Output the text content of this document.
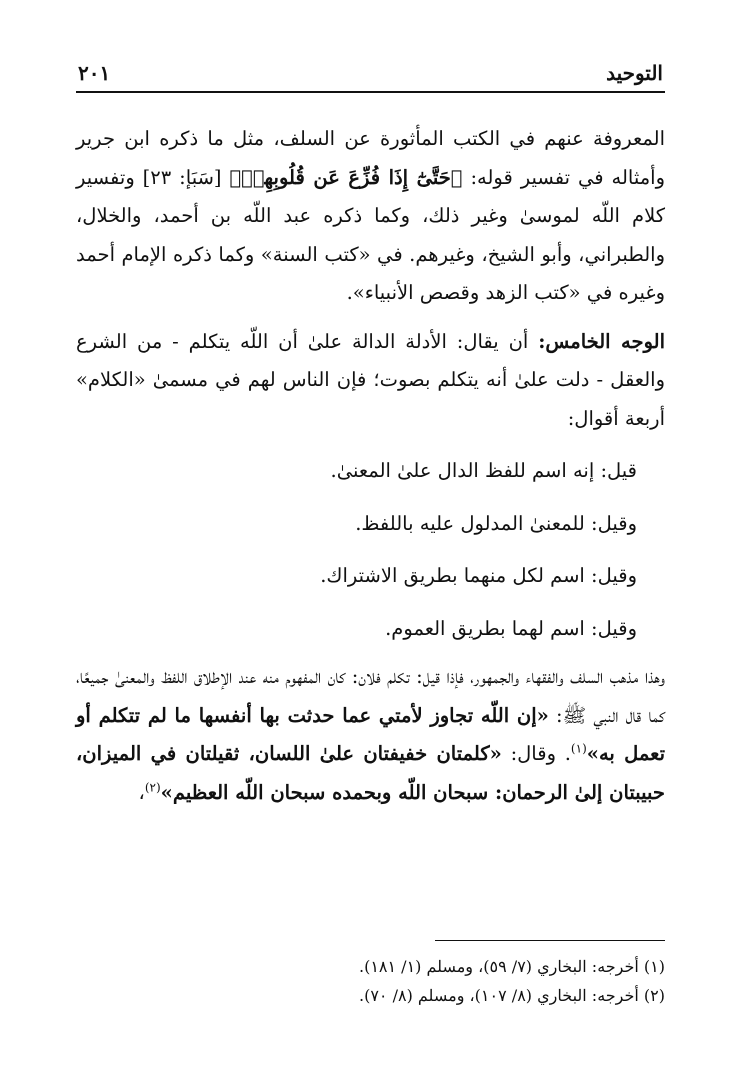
التوحيد
٢٠١

المعروفة عنهم في الكتب المأثورة عن السلف، مثل ما ذكره ابن جرير وأمثاله في تفسير قوله: ﴿حَتَّىٰٓ إِذَا فُزِّعَ عَن قُلُوبِهِمۡ﴾ [سَبَإ: ٢٣] وتفسير كلام اللّه لموسىٰ وغير ذلك، وكما ذكره عبد اللّه بن أحمد، والخلال، والطبراني، وأبو الشيخ، وغيرهم. في «كتب السنة» وكما ذكره الإمام أحمد وغيره في «كتب الزهد وقصص الأنبياء».

الوجه الخامس: أن يقال: الأدلة الدالة علىٰ أن اللّه يتكلم - من الشرع والعقل - دلت علىٰ أنه يتكلم بصوت؛ فإن الناس لهم في مسمىٰ «الكلام» أربعة أقوال:

قيل: إنه اسم للفظ الدال علىٰ المعنىٰ.

وقيل: للمعنىٰ المدلول عليه باللفظ.

وقيل: اسم لكل منهما بطريق الاشتراك.

وقيل: اسم لهما بطريق العموم.

وهذا مذهب السلف والفقهاء والجمهور، فإذا قيل: تكلم فلان: كان المفهوم منه عند الإطلاق اللفظ والمعنىٰ جميعًا، كما قال النبي ﷺ: «إن اللّه تجاوز لأمتي عما حدثت بها أنفسها ما لم تتكلم أو تعمل به»$^{(١)}$. وقال: «كلمتان خفيفتان علىٰ اللسان، ثقيلتان في الميزان، حبيبتان إلىٰ الرحمان: سبحان اللّه وبحمده سبحان اللّه العظيم»$^{(٢)}$،

(١) أخرجه: البخاري (٧/ ٥٩)، ومسلم (١/ ١٨١).

(٢) أخرجه: البخاري (٨/ ١٠٧)، ومسلم (٨/ ٧٠).
